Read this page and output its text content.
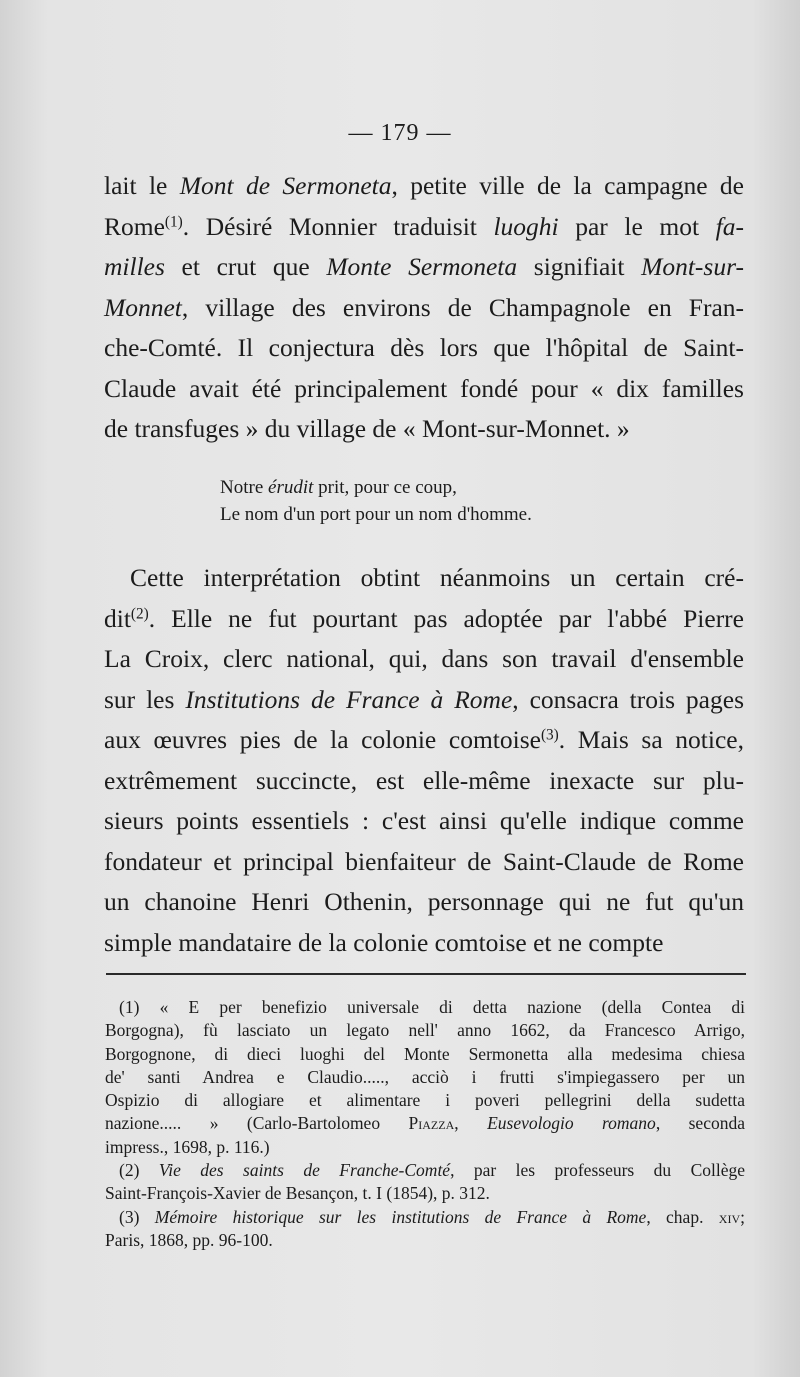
— 179 —

lait le Mont de Sermoneta, petite ville de la campagne de
Rome$^{(1)}$. Désiré Monnier traduisit luoghi par le mot fa-
milles et crut que Monte Sermoneta signifiait Mont-sur-
Monnet, village des environs de Champagnole en Fran-
che-Comté. Il conjectura dès lors que l'hôpital de Saint-
Claude avait été principalement fondé pour « dix familles
de transfuges » du village de « Mont-sur-Monnet. »

Notre érudit prit, pour ce coup,
Le nom d'un port pour un nom d'homme.

Cette interprétation obtint néanmoins un certain cré-
dit$^{(2)}$. Elle ne fut pourtant pas adoptée par l'abbé Pierre
La Croix, clerc national, qui, dans son travail d'ensemble
sur les Institutions de France à Rome, consacra trois pages
aux œuvres pies de la colonie comtoise$^{(3)}$. Mais sa notice,
extrêmement succincte, est elle-même inexacte sur plu-
sieurs points essentiels : c'est ainsi qu'elle indique comme
fondateur et principal bienfaiteur de Saint-Claude de Rome
un chanoine Henri Othenin, personnage qui ne fut qu'un
simple mandataire de la colonie comtoise et ne compte

(1) « E per benefizio universale di detta nazione (della Contea di
Borgogna), fù lasciato un legato nell' anno 1662, da Francesco Arrigo,
Borgognone, di dieci luoghi del Monte Sermonetta alla medesima chiesa
de' santi Andrea e Claudio....., acciò i frutti s'impiegassero per un
Ospizio di allogiare et alimentare i poveri pellegrini della sudetta
nazione..... » (Carlo-Bartolomeo Piazza, Eusevologio romano, seconda
impress., 1698, p. 116.)
(2) Vie des saints de Franche-Comté, par les professeurs du Collège
Saint-François-Xavier de Besançon, t. I (1854), p. 312.
(3) Mémoire historique sur les institutions de France à Rome, chap. xiv;
Paris, 1868, pp. 96-100.
